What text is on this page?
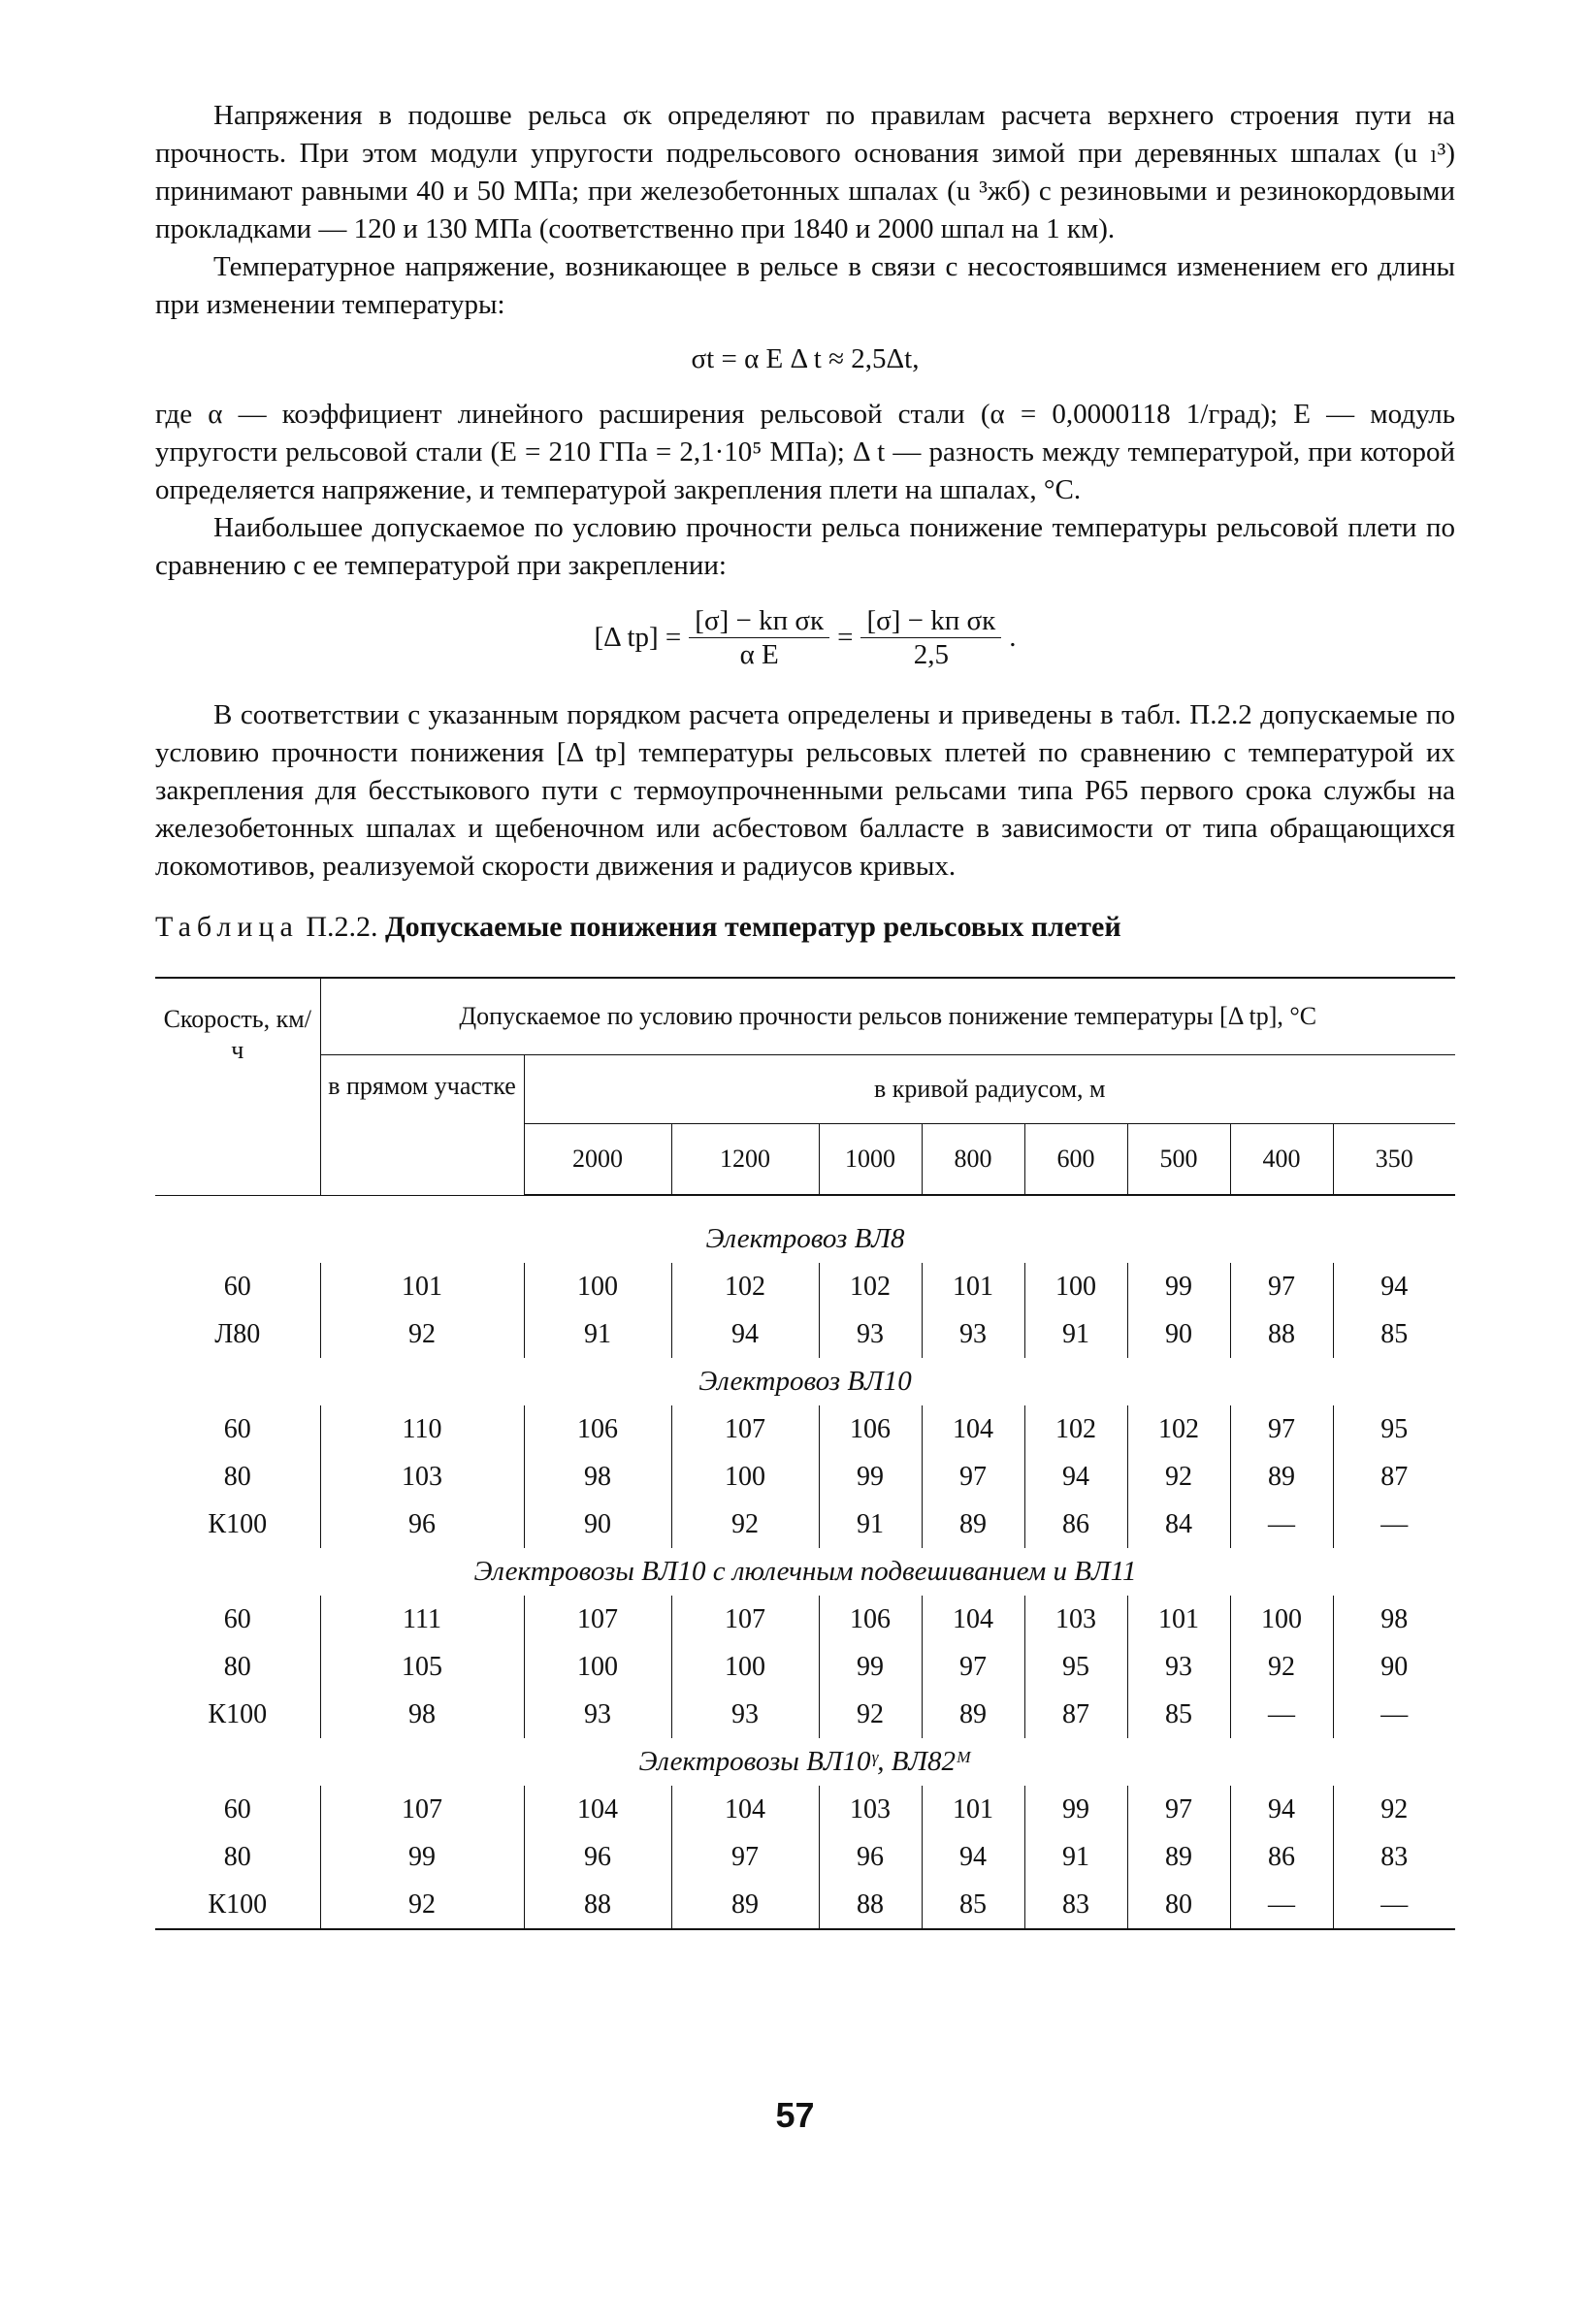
Напряжения в подошве рельса σк определяют по правилам расчета верхнего строения пути на прочность. При этом модули упругости подрельсового основания зимой при деревянных шпалах (u ₗ³) принимают равными 40 и 50 МПа; при железобетонных шпалах (u ³жб) с резиновыми и резинокордовыми прокладками — 120 и 130 МПа (соответственно при 1840 и 2000 шпал на 1 км).

Температурное напряжение, возникающее в рельсе в связи с несостоявшимся изменением его длины при изменении температуры:

σt = α E Δ t ≈ 2,5Δt,

где α — коэффициент линейного расширения рельсовой стали (α = 0,0000118 1/град); E — модуль упругости рельсовой стали (E = 210 ГПа = 2,1·10⁵ МПа); Δ t — разность между температурой, при которой определяется напряжение, и температурой закрепления плети на шпалах, °С.

Наибольшее допускаемое по условию прочности рельса понижение температуры рельсовой плети по сравнению с ее температурой при закреплении:

[Δ $tр] = \frac{\text{[σ] − kп σк}}{\text{α E}} = \frac{\text{[σ] − kп σк}}{2,5}$ .

В соответствии с указанным порядком расчета определены и приведены в табл. П.2.2 допускаемые по условию прочности понижения [Δ tр] температуры рельсовых плетей по сравнению с температурой их закрепления для бесстыкового пути с термоупрочненными рельсами типа Р65 первого срока службы на железобетонных шпалах и щебеночном или асбестовом балласте в зависимости от типа обращающихся локомотивов, реализуемой скорости движения и радиусов кривых.

Таблица П.2.2. Допускаемые понижения температур рельсовых плетей
Скорость, км/ч	Допускаемое по условию прочности рельсов понижение температуры [Δ tр], °С								
	в прямом участке	в кривой радиусом, м							
		2000	1200	1000	800	600	500	400	350
Электровоз ВЛ8									
60	101	100	102	102	101	100	99	97	94
Л80	92	91	94	93	93	91	90	88	85
Электровоз ВЛ10									
60	110	106	107	106	104	102	102	97	95
80	103	98	100	99	97	94	92	89	87
К100	96	90	92	91	89	86	84	—	—
Электровозы ВЛ10 с люлечным подвешиванием и ВЛ11									
60	111	107	107	106	104	103	101	100	98
80	105	100	100	99	97	95	93	92	90
К100	98	93	93	92	89	87	85	—	—
Электровозы ВЛ10ᵞ, ВЛ82ᴹ									
60	107	104	104	103	101	99	97	94	92
80	99	96	97	96	94	91	89	86	83
К100	92	88	89	88	85	83	80	—	—
57
